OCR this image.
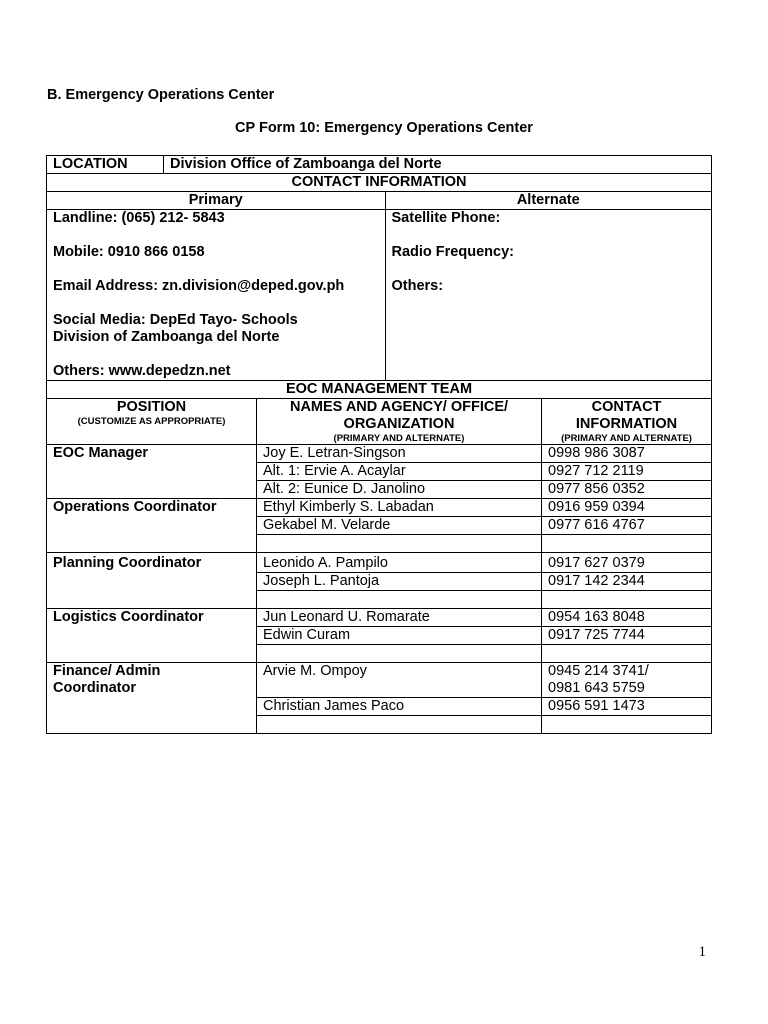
B. Emergency Operations Center
CP Form 10: Emergency Operations Center
LOCATION	Division Office of Zamboanga del Norte
CONTACT INFORMATION

Primary	Alternate

Landline: (065) 212- 5843
Mobile: 0910 866 0158
Email Address: zn.division@deped.gov.ph
Social Media: DepEd Tayo- Schools
Division of Zamboanga del Norte
Others: www.depedzn.net

Satellite Phone:
Radio Frequency:
Others:

EOC MANAGEMENT TEAM
POSITION
(CUSTOMIZE AS APPROPRIATE)

NAMES AND AGENCY/ OFFICE/
ORGANIZATION
(PRIMARY AND ALTERNATE)

CONTACT
INFORMATION
(PRIMARY AND ALTERNATE)

EOC Manager	Joy E. Letran-Singson	0998 986 3087
Alt. 1: Ervie A. Acaylar	0927 712 2119
Alt. 2: Eunice D. Janolino	0977 856 0352
Operations Coordinator	Ethyl Kimberly S. Labadan	0916 959 0394
Gekabel M. Velarde	0977 616 4767

Planning Coordinator	Leonido A. Pampilo	0917 627 0379
Joseph L. Pantoja	0917 142 2344

Logistics Coordinator	Jun Leonard U. Romarate	0954 163 8048
Edwin Curam	0917 725 7744

Finance/ Admin
Coordinator
	Arvie M. Ompoy	0945 214 3741/
0981 643 5759

Christian James Paco	0956 591 1473

1
